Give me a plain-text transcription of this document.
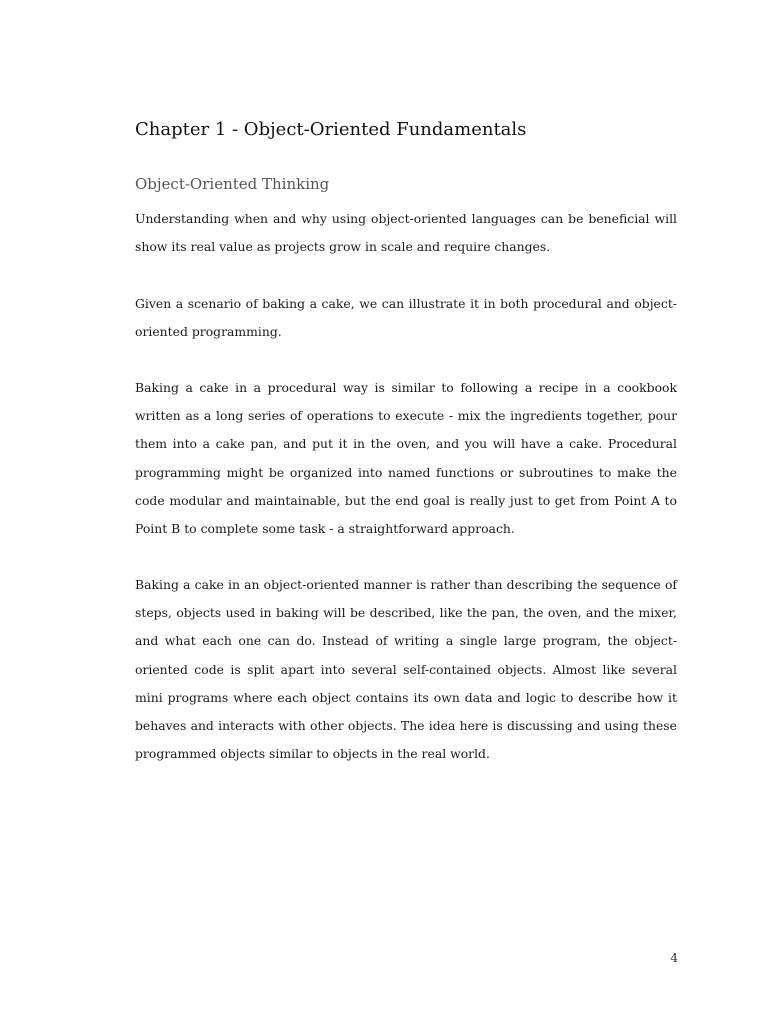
Chapter 1 - Object-Oriented Fundamentals
Object-Oriented Thinking

Understanding when and why using object-oriented languages can be beneficial will show its real value as projects grow in scale and require changes.

Given a scenario of baking a cake, we can illustrate it in both procedural and object-oriented programming.

Baking a cake in a procedural way is similar to following a recipe in a cookbook written as a long series of operations to execute - mix the ingredients together, pour them into a cake pan, and put it in the oven, and you will have a cake. Procedural programming might be organized into named functions or subroutines to make the code modular and maintainable, but the end goal is really just to get from Point A to Point B to complete some task - a straightforward approach.

Baking a cake in an object-oriented manner is rather than describing the sequence of steps, objects used in baking will be described, like the pan, the oven, and the mixer, and what each one can do. Instead of writing a single large program, the object-oriented code is split apart into several self-contained objects. Almost like several mini programs where each object contains its own data and logic to describe how it behaves and interacts with other objects. The idea here is discussing and using these programmed objects similar to objects in the real world.

4
